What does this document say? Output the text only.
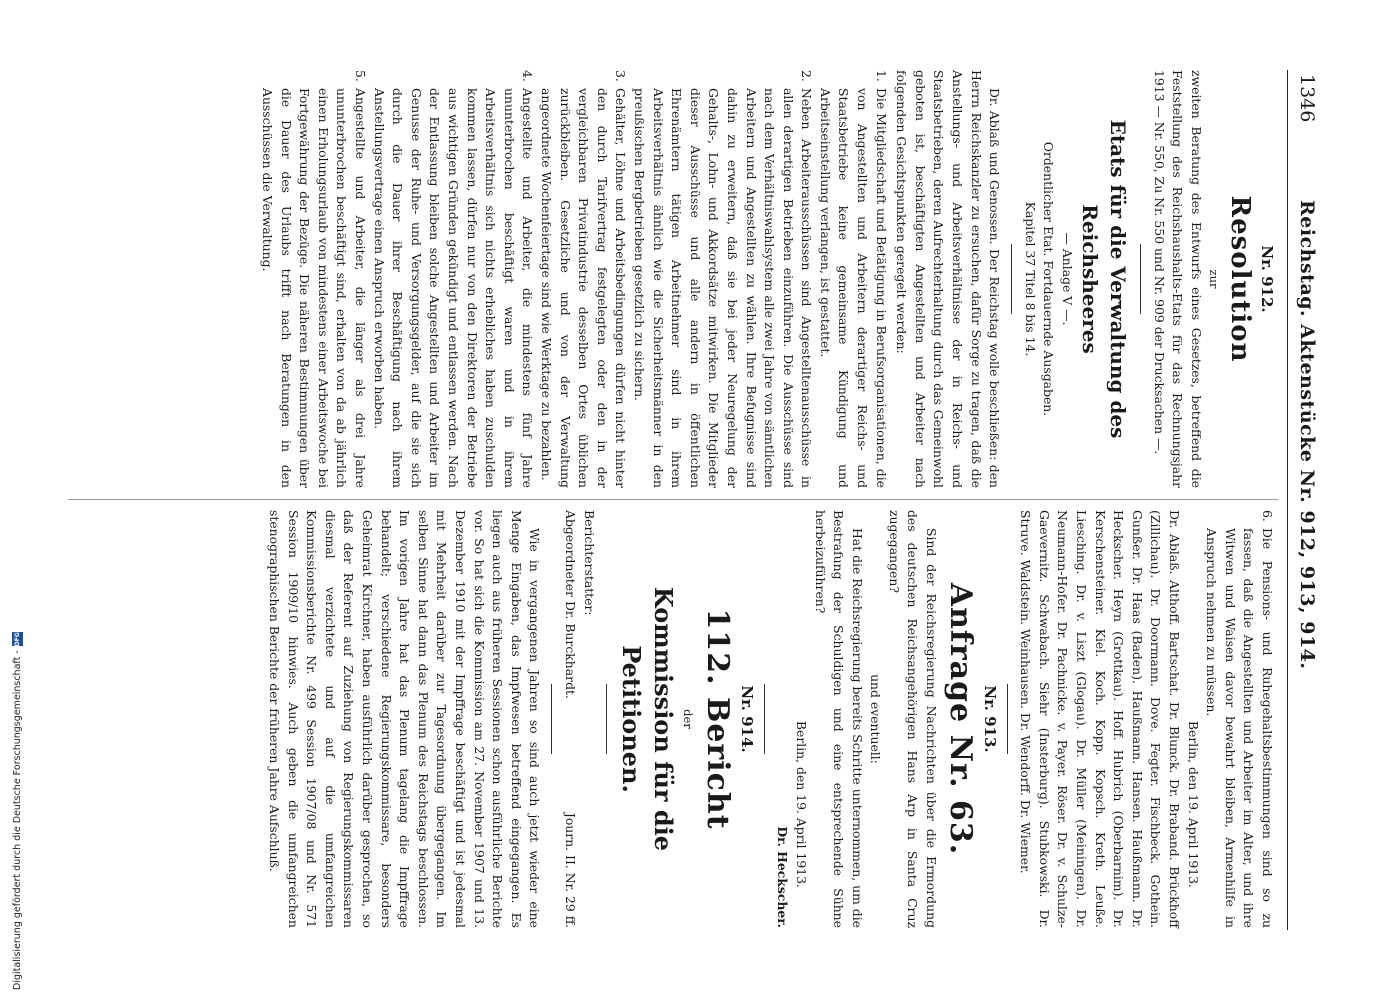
1346
Reichstag. Aktenstücke Nr. 912, 913, 914.

Nr. 912.

Resolution

zur

zweiten Beratung des Entwurfs eines Gesetzes, betreffend die Feststellung des Reichshaushalts-Etats für das Rechnungsjahr 1913 — Nr. 550, Zu Nr. 550 und Nr. 909 der Drucksachen —.

Etats für die Verwaltung des Reichsheeres

— Anlage V —.

Ordentlicher Etat. Fortdauernde Ausgaben.

Kapitel 37 Titel 8 bis 14.

Dr. Ablaß und Genossen. Der Reichstag wolle beschließen: den Herrn Reichskanzler zu ersuchen, dafür Sorge zu tragen, daß die Anstellungs- und Arbeitsverhältnisse der in Reichs- und Staatsbetrieben, deren Aufrechterhaltung durch das Gemeinwohl geboten ist, beschäftigten Angestellten und Arbeiter nach folgenden Gesichtspunkten geregelt werden:

1.
Die Mitgliedschaft und Betätigung in Berufsorganisationen, die von Angestellten und Arbeitern derartiger Reichs- und Staatsbetriebe keine gemeinsame Kündigung und Arbeitseinstellung verlangen, ist gestattet.
2.
Neben Arbeiterausschüssen sind Angestelltenausschüsse in allen derartigen Betrieben einzuführen. Die Ausschüsse sind nach dem Verhältniswahlsystem alle zwei Jahre von sämtlichen Arbeitern und Angestellten zu wählen. Ihre Befugnisse sind dahin zu erweitern, daß sie bei jeder Neuregelung der Gehalts-, Lohn- und Akkordsätze mitwirken. Die Mitglieder dieser Ausschüsse und alle andern in öffentlichen Ehrenämtern tätigen Arbeitnehmer sind in ihrem Arbeitsverhältnis ähnlich wie die Sicherheitsmänner in den preußischen Bergbetrieben gesetzlich zu sichern.
3.
Gehälter, Löhne und Arbeitsbedingungen dürfen nicht hinter den durch Tarifvertrag festgelegten oder den in der vergleichbaren Privatindustrie desselben Ortes üblichen zurückbleiben. Gesetzliche und von der Verwaltung angeordnete Wochenfeiertage sind wie Werktage zu bezahlen.
4.
Angestellte und Arbeiter, die mindestens fünf Jahre ununterbrochen beschäftigt waren und in ihrem Arbeitsverhältnis sich nichts erhebliches haben zuschulden kommen lassen, dürfen nur von den Direktoren der Betriebe aus wichtigen Gründen gekündigt und entlassen werden. Nach der Entlassung bleiben solche Angestellten und Arbeiter im Genusse der Ruhe- und Versorgungsgelder, auf die sie sich durch die Dauer ihrer Beschäftigung nach ihrem Anstellungsvertrage einen Anspruch erworben haben.
5.
Angestellte und Arbeiter, die länger als drei Jahre ununterbrochen beschäftigt sind, erhalten von da ab jährlich einen Erholungsurlaub von mindestens einer Arbeitswoche bei Fortgewährung der Bezüge. Die näheren Bestimmungen über die Dauer des Urlaubs trifft nach Beratungen in den Ausschüssen die Verwaltung.
6.
Die Pensions- und Ruhegehaltsbestimmungen sind so zu fassen, daß die Angestellten und Arbeiter im Alter, und ihre Witwen und Waisen davor bewahrt bleiben, Armenhilfe in Anspruch nehmen zu müssen.

Berlin, den 19. April 1913.

Dr. Ablaß. Althoff. Bartschat. Dr. Blunck. Dr. Braband. Brückhoff (Zillichau). Dr. Doormann. Dove. Fegter. Fischbeck. Gothein. Gunßer. Dr. Haas (Baden). Haußmann. Hansen. Haußmann. Dr. Heckscher. Heyn (Grottkau). Hoff. Hubrich (Oberbarnim). Dr. Kerschensteiner. Kiel. Koch. Kopp. Kopsch. Kreth. Leuße. Liesching. Dr. v. Liszt (Glogau). Dr. Müller (Meiningen). Dr. Neumann-Hofer. Dr. Pachnicke. v. Payer. Röser. Dr. v. Schulze-Gaevernitz. Schwabach. Siehr (Insterburg). Stubkowski. Dr. Struve. Waldstein. Weinhausen. Dr. Wendorff. Dr. Wiemer.

Nr. 913.

Anfrage Nr. 63.

Sind der Reichsregierung Nachrichten über die Ermordung des deutschen Reichsangehörigen Hans Arp in Santa Cruz zugegangen?

und eventuell:

Hat die Reichsregierung bereits Schritte unternommen, um die Bestrafung der Schuldigen und eine entsprechende Sühne herbeizuführen?

Berlin, den 19. April 1913.

Dr. Heckscher.

Nr. 914.

112. Bericht

der

Kommission für die Petitionen.

Berichterstatter:

Abgeordneter Dr. Burckhardt.

Journ. II. Nr. 29 ff.

Wie in vergangenen Jahren so sind auch jetzt wieder eine Menge Eingaben, das Impfwesen betreffend eingegangen. Es liegen auch aus früheren Sessionen schon ausführliche Berichte vor. So hat sich die Kommission am 27. November 1907 und 13. Dezember 1910 mit der Impffrage beschäftigt und ist jedesmal mit Mehrheit darüber zur Tagesordnung übergegangen. Im selben Sinne hat dann das Plenum des Reichstags beschlossen. Im vorigen Jahre hat das Plenum tagelang die Impffrage behandelt; verschiedene Regierungskommissare, besonders Geheimrat Kirchner, haben ausführlich darüber gesprochen, so daß der Referent auf Zuziehung von Regierungskommissaren diesmal verzichtete und auf die umfangreichen Kommissionsberichte Nr. 499 Session 1907/08 und Nr. 571 Session 1909/10 hinwies. Auch geben die umfangreichen stenographischen Berichte der früheren Jahre Aufschluß.

Digitalisierung gefördert durch die Deutsche Forschungsgemeinschaft -
DFG
